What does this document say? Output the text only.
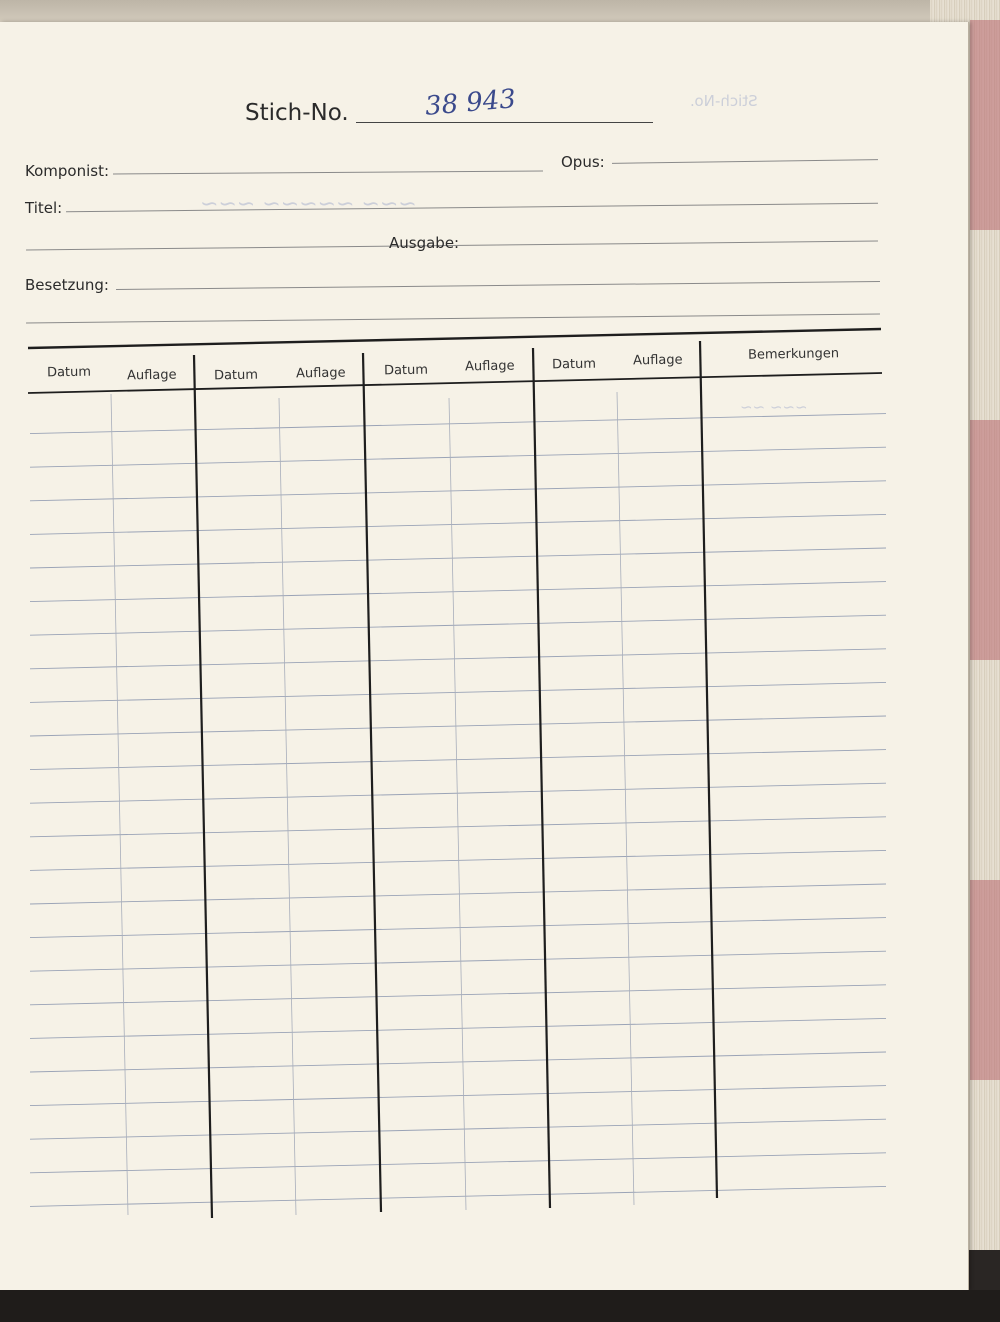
Stich-No.
~~~ ~~~~~ ~~~
~~~ ~~
Stich-No.	38 943
Komponist:	Opus:
Titel:
Ausgabe:
Besetzung:
Datum	Auflage	Datum	Auflage	Datum	Auflage	Datum	Auflage	Bemerkungen
